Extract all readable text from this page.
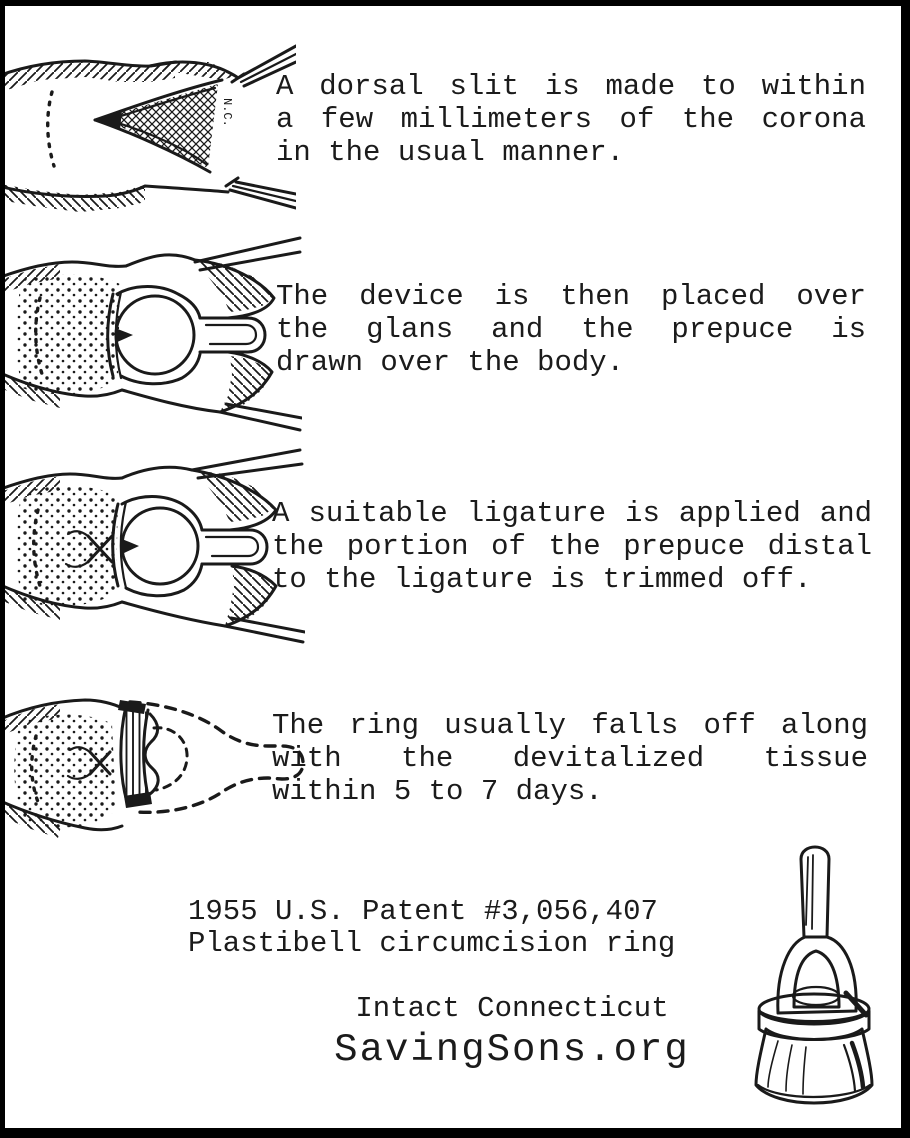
N.C.
A dorsal slit is made to within
a few millimeters of the corona
in the usual manner.
The device is then placed over
the glans and the prepuce is
drawn over the body.
A suitable ligature is applied and
the portion of the prepuce distal
to the ligature is trimmed off.
The ring usually falls off along
with the devitalized tissue
within 5 to 7 days.
1955 U.S. Patent #3,056,407
Plastibell circumcision ring
Intact Connecticut
SavingSons.org
